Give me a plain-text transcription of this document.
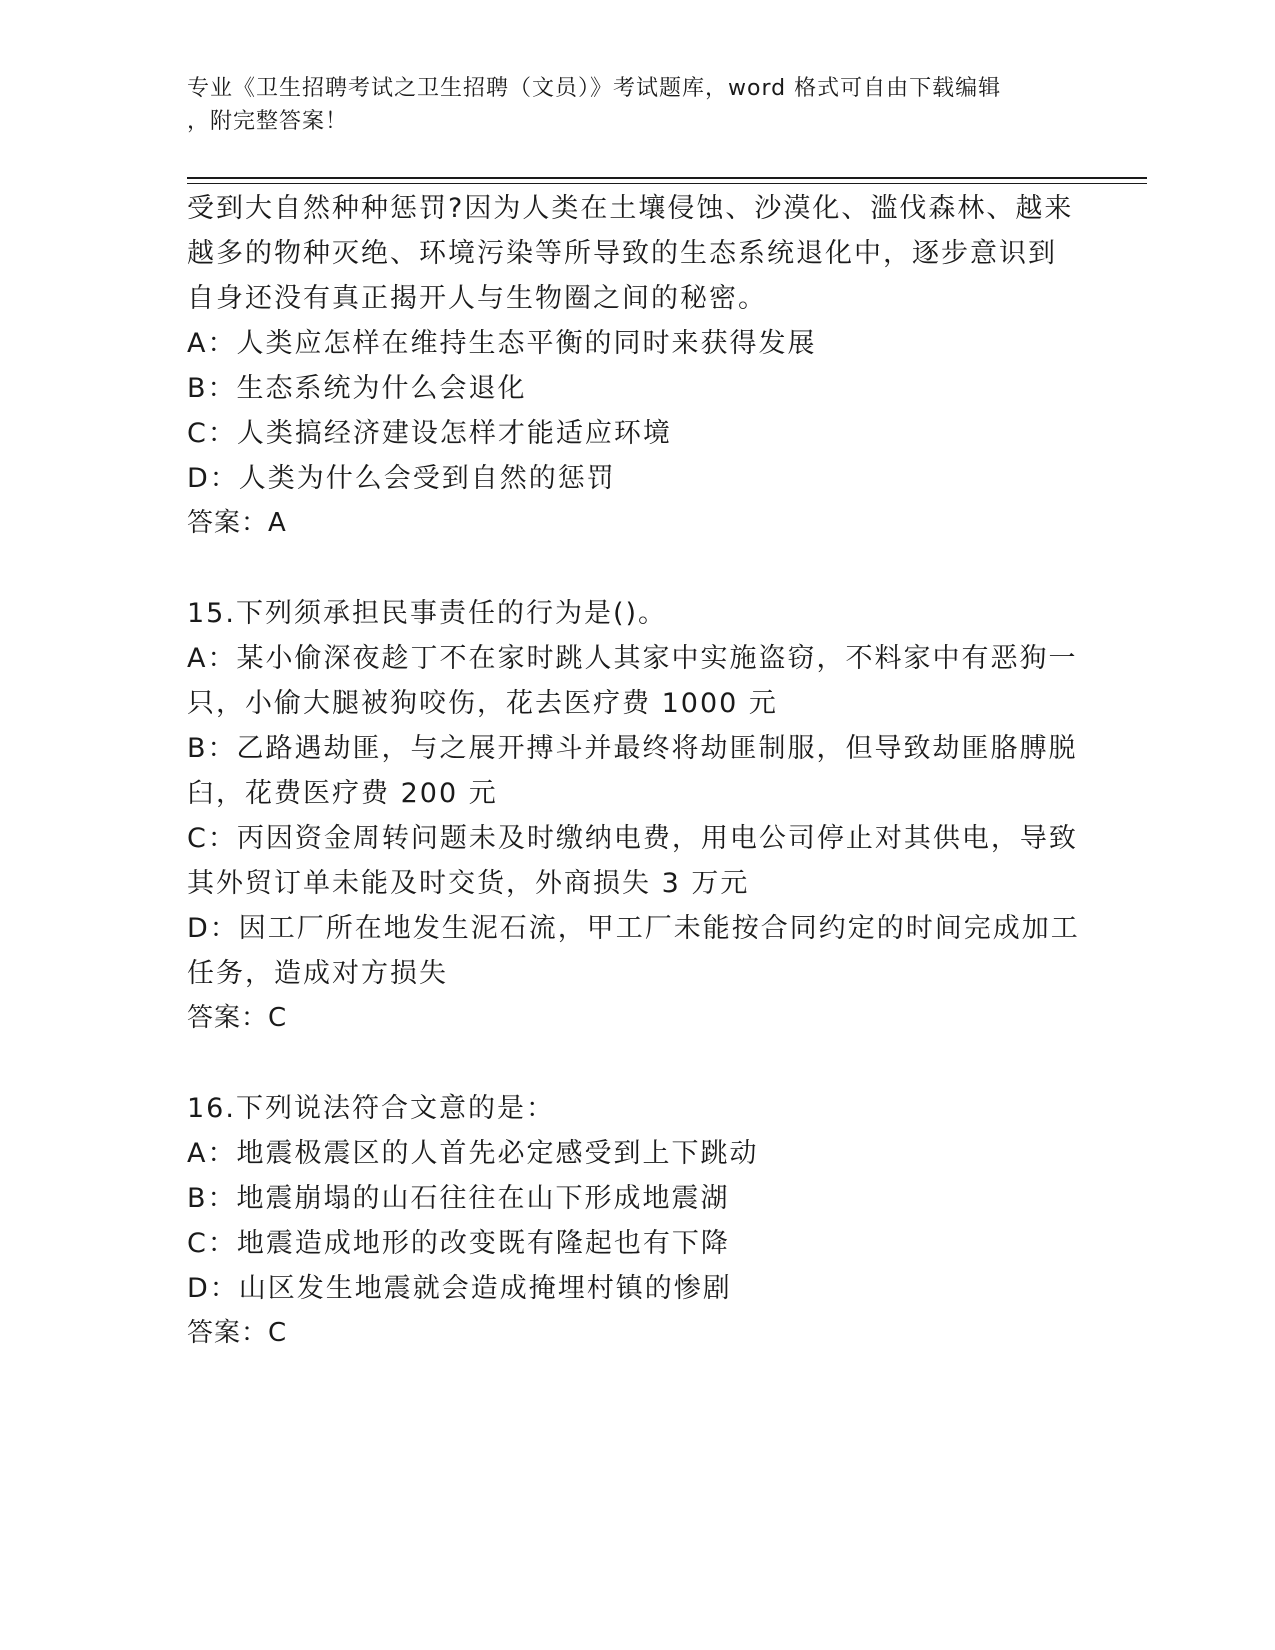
专业《卫生招聘考试之卫生招聘（文员）》考试题库，word 格式可自由下载编辑
，附完整答案！
受到大自然种种惩罚?因为人类在土壤侵蚀、沙漠化、滥伐森林、越来
越多的物种灭绝、环境污染等所导致的生态系统退化中，逐步意识到
自身还没有真正揭开人与生物圈之间的秘密。
A：人类应怎样在维持生态平衡的同时来获得发展
B：生态系统为什么会退化
C：人类搞经济建设怎样才能适应环境
D：人类为什么会受到自然的惩罚
答案：A
15.下列须承担民事责任的行为是()。
A：某小偷深夜趁丁不在家时跳人其家中实施盗窃，不料家中有恶狗一
只，小偷大腿被狗咬伤，花去医疗费 1000 元
B：乙路遇劫匪，与之展开搏斗并最终将劫匪制服，但导致劫匪胳膊脱
臼，花费医疗费 200 元
C：丙因资金周转问题未及时缴纳电费，用电公司停止对其供电，导致
其外贸订单未能及时交货，外商损失 3 万元
D：因工厂所在地发生泥石流，甲工厂未能按合同约定的时间完成加工
任务，造成对方损失
答案：C
16.下列说法符合文意的是：
A：地震极震区的人首先必定感受到上下跳动
B：地震崩塌的山石往往在山下形成地震湖
C：地震造成地形的改变既有隆起也有下降
D：山区发生地震就会造成掩埋村镇的惨剧
答案：C
